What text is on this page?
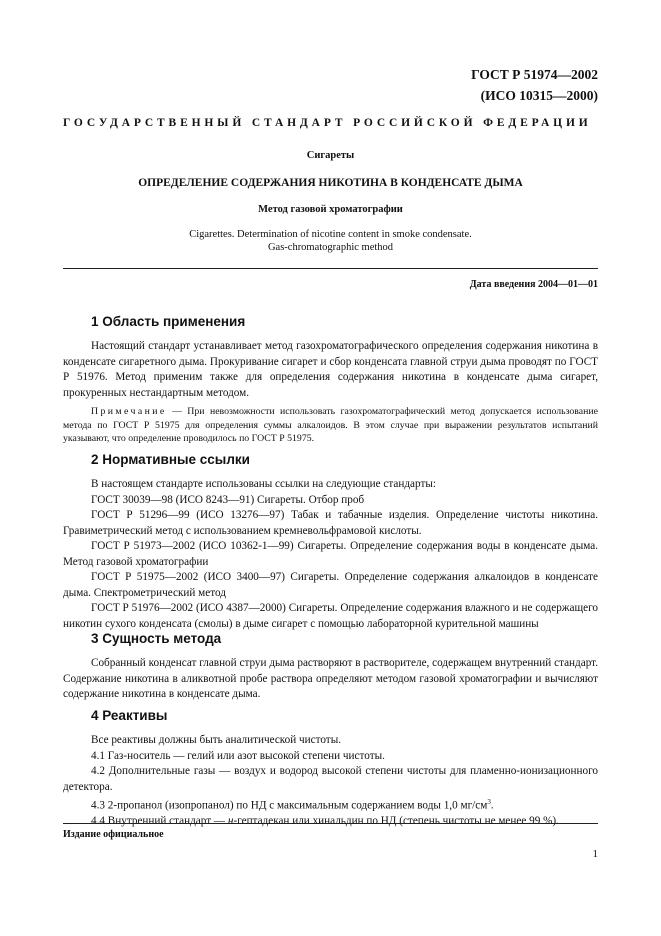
ГОСТ Р 51974—2002
(ИСО 10315—2000)
ГОСУДАРСТВЕННЫЙ СТАНДАРТ РОССИЙСКОЙ ФЕДЕРАЦИИ
Сигареты
ОПРЕДЕЛЕНИЕ СОДЕРЖАНИЯ НИКОТИНА В КОНДЕНСАТЕ ДЫМА
Метод газовой хроматографии
Cigarettes. Determination of nicotine content in smoke condensate.
Gas-chromatographic method
Дата введения 2004—01—01
1 Область применения

Настоящий стандарт устанавливает метод газохроматографического определения содержания никотина в конденсате сигаретного дыма. Прокуривание сигарет и сбор конденсата главной струи дыма проводят по ГОСТ Р 51976. Метод применим также для определения содержания никотина в конденсате дыма сигарет, прокуренных нестандартным методом.

Примечание — При невозможности использовать газохроматографический метод допускается использование метода по ГОСТ Р 51975 для определения суммы алкалоидов. В этом случае при выражении результатов испытаний указывают, что определение проводилось по ГОСТ Р 51975.

2 Нормативные ссылки

В настоящем стандарте использованы ссылки на следующие стандарты:

ГОСТ 30039—98 (ИСО 8243—91) Сигареты. Отбор проб

ГОСТ Р 51296—99 (ИСО 13276—97) Табак и табачные изделия. Определение чистоты никотина. Гравиметрический метод с использованием кремневольфрамовой кислоты.

ГОСТ Р 51973—2002 (ИСО 10362-1—99) Сигареты. Определение содержания воды в конденсате дыма. Метод газовой хроматографии

ГОСТ Р 51975—2002 (ИСО 3400—97) Сигареты. Определение содержания алкалоидов в конденсате дыма. Спектрометрический метод

ГОСТ Р 51976—2002 (ИСО 4387—2000) Сигареты. Определение содержания влажного и не содержащего никотин сухого конденсата (смолы) в дыме сигарет с помощью лабораторной курительной машины

3 Сущность метода

Собранный конденсат главной струи дыма растворяют в растворителе, содержащем внутренний стандарт. Содержание никотина в аликвотной пробе раствора определяют методом газовой хроматографии и вычисляют содержание никотина в конденсате дыма.

4 Реактивы

Все реактивы должны быть аналитической чистоты.

4.1 Газ-носитель — гелий или азот высокой степени чистоты.

4.2 Дополнительные газы — воздух и водород высокой степени чистоты для пламенно-ионизационного детектора.

4.3 2-пропанол (изопропанол) по НД с максимальным содержанием воды 1,0 $мг/см^3$.

4.4 Внутренний стандарт — н-гептадекан или хинальдин по НД (степень чистоты не менее 99 %).

Издание официальное
1
